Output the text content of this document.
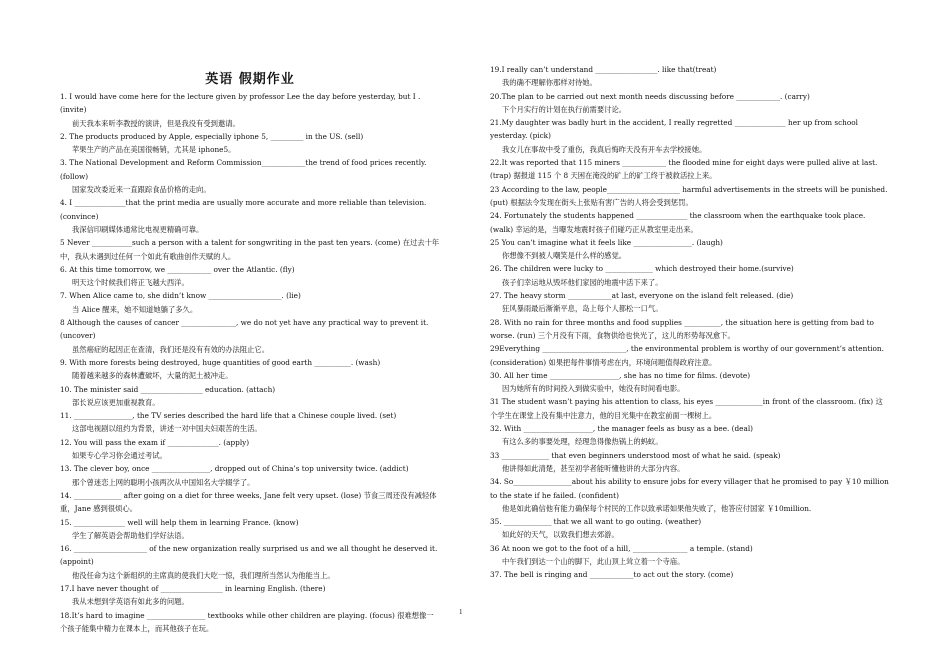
英语 假期作业
1. I would have come here for the lecture given by professor Lee the day before yesterday, but I . (invite)
前天我本来听李教授的演讲，但是我没有受到邀请。
2. The products produced by Apple, especially iphone 5, _________ in the US. (sell)
苹果生产的产品在美国很畅销，尤其是 iphone5。
3. The National Development and Reform Commission____________the trend of food prices recently. (follow)
国家发改委近来一直跟踪食品价格的走向。
4. I ______________that the print media are usually more accurate and more reliable than television. (convince)
我深信印刷媒体通常比电视更精确可靠。
5 Never ___________such a person with a talent for songwriting in the past ten years. (come) 在过去十年中，我从未遇到过任何一个如此有歌曲创作天赋的人。
6. At this time tomorrow, we ____________ over the Atlantic. (fly)
明天这个时候我们将正飞越大西洋。
7. When Alice came to, she didn’t know ____________________. (lie)
当 Alice 醒来，她不知道她躺了多久。
8 Although the causes of cancer _______________, we do not yet have any practical way to prevent it. (uncover)
虽然癌症的起因正在查清，我们还是没有有效的办法阻止它。
9. With more forests being destroyed, huge quantities of good earth __________. (wash)
随着越来越多的森林遭破坏，大量的泥土被冲走。
10. The minister said _________________ education. (attach)
部长说应该更加重视教育。
11. ________________, the TV series described the hard life that a Chinese couple lived. (set)
这部电视剧以纽约为背景，讲述一对中国夫妇艰苦的生活。
12. You will pass the exam if ______________. (apply)
如果专心学习你会通过考试。
13. The clever boy, once ________________, dropped out of China’s top university twice. (addict)
那个曾迷恋上网的聪明小孩两次从中国知名大学辍学了。
14. _____________ after going on a diet for three weeks, Jane felt very upset. (lose) 节食三周还没有减轻体重，Jane 感到很烦心。
15. ______________ well will help them in learning France. (know)
学生了解英语会帮助他们学好法语。
16. ____________________ of the new organization really surprised us and we all thought he deserved it. (appoint)
他没任命为这个新组织的主席真的使我们大吃一惊，我们理所当然认为他能当上。
17.I have never thought of _________________ in learning English. (there)
我从未想到学英语有如此多的问题。
18.It’s hard to imagine ________________ textbooks while other children are playing. (focus) 很难想像一个孩子能集中精力在课本上，而其他孩子在玩。
19.I really can’t understand _________________. like that(treat)
我的确不理解你那样对待她。
20.The plan to be carried out next month needs discussing before ____________. (carry)
下个月实行的计划在执行前需要讨论。
21.My daughter was badly hurt in the accident, I really regretted ______________ her up from school yesterday. (pick)
我女儿在事故中受了重伤，我真后悔昨天没有开车去学校接她。
22.It was reported that 115 miners ____________ the flooded mine for eight days were pulled alive at last. (trap) 据报道 115 个 8 天困在淹没的矿上的矿工终于被救活拉上来。
23 According to the law, people____________________ harmful advertisements in the streets will be punished. (put) 根据法令发现在街头上张贴有害广告的人将会受到惩罚。
24. Fortunately the students happened ______________ the classroom when the earthquake took place. (walk) 幸运的是，当曝发地震时孩子们碰巧正从教室里走出来。
25 You can’t imagine what it feels like ________________. (laugh)
你想像不到被人嘲笑是什么样的感觉。
26. The children were lucky to _____________ which destroyed their home.(survive)
孩子们幸运地从毁坏他们家园的地震中活下来了。
27. The heavy storm ____________at last, everyone on the island felt released. (die)
狂风暴雨最后渐渐平息，岛上每个人都松一口气。
28. With no rain for three months and food supplies __________, the situation here is getting from bad to worse. (run) 三个月没有下雨，食物供给也快光了，这儿的形势每况愈下。
29Everything _______________________, the environmental problem is worthy of our government’s attention. (consideration) 如果把每件事情考虑在内，环境问题值得政府注意。
30. All her time ___________________, she has no time for films. (devote)
因为她所有的时间投入到做实验中，她没有时间看电影。
31 The student wasn’t paying his attention to class, his eyes _____________in front of the classroom. (fix) 这个学生在课堂上没有集中注意力，他的目光集中在教室前面一棵树上。
32. With ___________________, the manager feels as busy as a bee. (deal)
有这么多的事要处理，经理急得像热锅上的蚂蚁。
33 _____________ that even beginners understood most of what he said. (speak)
他讲得如此清楚，甚至初学者能听懂他讲的大部分内容。
34. So________________about his ability to ensure jobs for every villager that he promised to pay ￥10 million to the state if he failed. (confident)
他是如此确信他有能力确保每个村民的工作以致承诺如果他失败了，他答应付国家 ￥10million.
35. _____________ that we all want to go outing. (weather)
如此好的天气，以致我们想去郊游。
36 At noon we got to the foot of a hill, _______________ a temple. (stand)
中午我们到达一个山的脚下，此山顶上耸立着一个寺庙。
37. The bell is ringing and ____________to act out the story. (come)
1
